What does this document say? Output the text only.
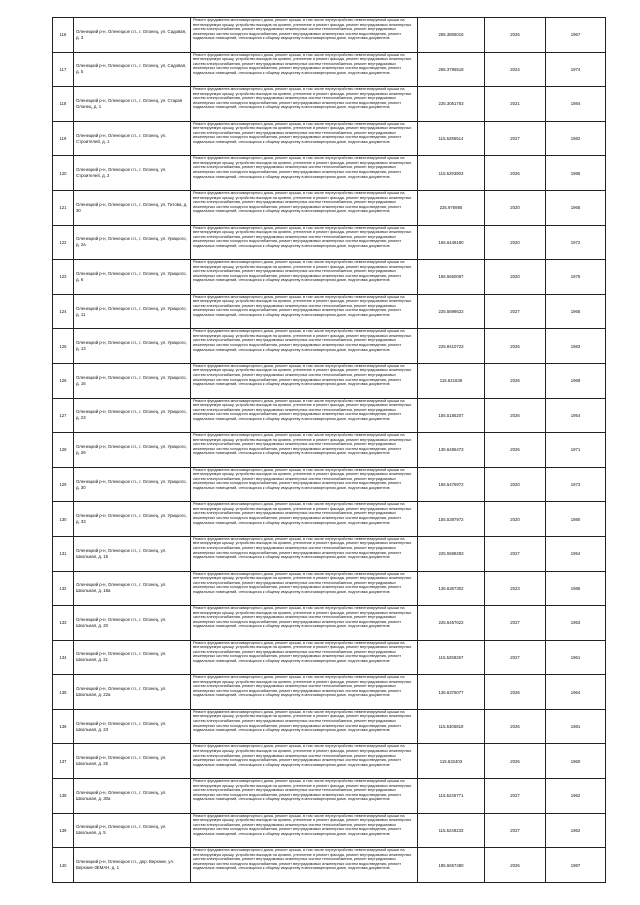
116	Оленецкий р-н, Оленецкое г.п., г. Олонец, ул. Садовая, д. 3	Ремонт фундамента многоквартирного дома, ремонт крыши, в том числе переустройство невентилируемой крыши на вентилируемую крышу, устройство выходов на кровлю, утепление и ремонт фасада, ремонт внутридомовых инженерных систем электроснабжения, ремонт внутридомовых инженерных систем теплоснабжения, ремонт внутридомовых инженерных систем холодного водоснабжения, ремонт внутридомовых инженерных систем водоотведения, ремонт подвальных помещений, относящихся к общему имуществу в многоквартирном доме, подготовка документов	265.3806016	2026	1967
117	Оленецкий р-н, Оленецкое г.п., г. Олонец, ул. Садовая, д. 5	Ремонт фундамента многоквартирного дома, ремонт крыши, в том числе переустройство невентилируемой крыши на вентилируемую крышу, устройство выходов на кровлю, утепление и ремонт фасада, ремонт внутридомовых инженерных систем электроснабжения, ремонт внутридомовых инженерных систем теплоснабжения, ремонт внутридомовых инженерных систем холодного водоснабжения, ремонт внутридомовых инженерных систем водоотведения, ремонт подвальных помещений, относящихся к общему имуществу в многоквартирном доме, подготовка документов	265.3796518	2024	1974
118	Оленецкий р-н, Оленецкое г.п., г. Олонец, ул. Старая Олонец, д. 1	Ремонт фундамента многоквартирного дома, ремонт крыши, в том числе переустройство невентилируемой крыши на вентилируемую крышу, устройство выходов на кровлю, утепление и ремонт фасада, ремонт внутридомовых инженерных систем электроснабжения, ремонт внутридомовых инженерных систем теплоснабжения, ремонт внутридомовых инженерных систем холодного водоснабжения, ремонт внутридомовых инженерных систем водоотведения, ремонт подвальных помещений, относящихся к общему имуществу в многоквартирном доме, подготовка документов	225.3051763	2021	1984
119	Оленецкий р-н, Оленецкое г.п., г. Олонец, ул. Строителей, д. 1	Ремонт фундамента многоквартирного дома, ремонт крыши, в том числе переустройство невентилируемой крыши на вентилируемую крышу, устройство выходов на кровлю, утепление и ремонт фасада, ремонт внутридомовых инженерных систем электроснабжения, ремонт внутридомовых инженерных систем теплоснабжения, ремонт внутридомовых инженерных систем холодного водоснабжения, ремонт внутридомовых инженерных систем водоотведения, ремонт подвальных помещений, относящихся к общему имуществу в многоквартирном доме, подготовка документов	115.5286514	2027	1982
120	Оленецкий р-н, Оленецкое г.п., г. Олонец, ул. Строителей, д. 2	Ремонт фундамента многоквартирного дома, ремонт крыши, в том числе переустройство невентилируемой крыши на вентилируемую крышу, устройство выходов на кровлю, утепление и ремонт фасада, ремонт внутридомовых инженерных систем электроснабжения, ремонт внутридомовых инженерных систем теплоснабжения, ремонт внутридомовых инженерных систем холодного водоснабжения, ремонт внутридомовых инженерных систем водоотведения, ремонт подвальных помещений, относящихся к общему имуществу в многоквартирном доме, подготовка документов	115.5293903	2026	1985
121	Оленецкий р-н, Оленецкое г.п., г. Олонец, ул. Титова, д. 30	Ремонт фундамента многоквартирного дома, ремонт крыши, в том числе переустройство невентилируемой крыши на вентилируемую крышу, устройство выходов на кровлю, утепление и ремонт фасада, ремонт внутридомовых инженерных систем электроснабжения, ремонт внутридомовых инженерных систем теплоснабжения, ремонт внутридомовых инженерных систем холодного водоснабжения, ремонт внутридомовых инженерных систем водоотведения, ремонт подвальных помещений, относящихся к общему имуществу в многоквартирном доме, подготовка документов	225.976985	2020	1965
122	Оленецкий р-н, Оленецкое г.п., г. Олонец, ул. Урицкого, д. 2а	Ремонт фундамента многоквартирного дома, ремонт крыши, в том числе переустройство невентилируемой крыши на вентилируемую крышу, устройство выходов на кровлю, утепление и ремонт фасада, ремонт внутридомовых инженерных систем электроснабжения, ремонт внутридомовых инженерных систем теплоснабжения, ремонт внутридомовых инженерных систем холодного водоснабжения, ремонт внутридомовых инженерных систем водоотведения, ремонт подвальных помещений, относящихся к общему имуществу в многоквартирном доме, подготовка документов	155.6448180	2020	1972
123	Оленецкий р-н, Оленецкое г.п., г. Олонец, ул. Урицкого, д. 6	Ремонт фундамента многоквартирного дома, ремонт крыши, в том числе переустройство невентилируемой крыши на вентилируемую крышу, устройство выходов на кровлю, утепление и ремонт фасада, ремонт внутридомовых инженерных систем электроснабжения, ремонт внутридомовых инженерных систем теплоснабжения, ремонт внутридомовых инженерных систем холодного водоснабжения, ремонт внутридомовых инженерных систем водоотведения, ремонт подвальных помещений, относящихся к общему имуществу в многоквартирном доме, подготовка документов	155.5650087	2020	1975
124	Оленецкий р-н, Оленецкое г.п., г. Олонец, ул. Урицкого, д. 11	Ремонт фундамента многоквартирного дома, ремонт крыши, в том числе переустройство невентилируемой крыши на вентилируемую крышу, устройство выходов на кровлю, утепление и ремонт фасада, ремонт внутридомовых инженерных систем электроснабжения, ремонт внутридомовых инженерных систем теплоснабжения, ремонт внутридомовых инженерных систем холодного водоснабжения, ремонт внутридомовых инженерных систем водоотведения, ремонт подвальных помещений, относящихся к общему имуществу в многоквартирном доме, подготовка документов	225.5698622	2027	1965
125	Оленецкий р-н, Оленецкое г.п., г. Олонец, ул. Урицкого, д. 13	Ремонт фундамента многоквартирного дома, ремонт крыши, в том числе переустройство невентилируемой крыши на вентилируемую крышу, устройство выходов на кровлю, утепление и ремонт фасада, ремонт внутридомовых инженерных систем электроснабжения, ремонт внутридомовых инженерных систем теплоснабжения, ремонт внутридомовых инженерных систем холодного водоснабжения, ремонт внутридомовых инженерных систем водоотведения, ремонт подвальных помещений, относящихся к общему имуществу в многоквартирном доме, подготовка документов	225.9410723	2026	1983
126	Оленецкий р-н, Оленецкое г.п., г. Олонец, ул. Урицкого, д. 16	Ремонт фундамента многоквартирного дома, ремонт крыши, в том числе переустройство невентилируемой крыши на вентилируемую крышу, устройство выходов на кровлю, утепление и ремонт фасада, ремонт внутридомовых инженерных систем электроснабжения, ремонт внутридомовых инженерных систем теплоснабжения, ремонт внутридомовых инженерных систем холодного водоснабжения, ремонт внутридомовых инженерных систем водоотведения, ремонт подвальных помещений, относящихся к общему имуществу в многоквартирном доме, подготовка документов	115.621638	2026	1968
127	Оленецкий р-н, Оленецкое г.п., г. Олонец, ул. Урицкого, д. 23	Ремонт фундамента многоквартирного дома, ремонт крыши, в том числе переустройство невентилируемой крыши на вентилируемую крышу, устройство выходов на кровлю, утепление и ремонт фасада, ремонт внутридомовых инженерных систем электроснабжения, ремонт внутридомовых инженерных систем теплоснабжения, ремонт внутридомовых инженерных систем холодного водоснабжения, ремонт внутридомовых инженерных систем водоотведения, ремонт подвальных помещений, относящихся к общему имуществу в многоквартирном доме, подготовка документов	155.5185207	2026	1954
128	Оленецкий р-н, Оленецкое г.п., г. Олонец, ул. Урицкого, д. 26	Ремонт фундамента многоквартирного дома, ремонт крыши, в том числе переустройство невентилируемой крыши на вентилируемую крышу, устройство выходов на кровлю, утепление и ремонт фасада, ремонт внутридомовых инженерных систем электроснабжения, ремонт внутридомовых инженерных систем теплоснабжения, ремонт внутридомовых инженерных систем холодного водоснабжения, ремонт внутридомовых инженерных систем водоотведения, ремонт подвальных помещений, относящихся к общему имуществу в многоквартирном доме, подготовка документов	136.6486473	2026	1971
129	Оленецкий р-н, Оленецкое г.п., г. Олонец, ул. Урицкого, д. 30	Ремонт фундамента многоквартирного дома, ремонт крыши, в том числе переустройство невентилируемой крыши на вентилируемую крышу, устройство выходов на кровлю, утепление и ремонт фасада, ремонт внутридомовых инженерных систем электроснабжения, ремонт внутридомовых инженерных систем теплоснабжения, ремонт внутридомовых инженерных систем холодного водоснабжения, ремонт внутридомовых инженерных систем водоотведения, ремонт подвальных помещений, относящихся к общему имуществу в многоквартирном доме, подготовка документов	155.5476972	2020	1973
130	Оленецкий р-н, Оленецкое г.п., г. Олонец, ул. Урицкого, д. 33	Ремонт фундамента многоквартирного дома, ремонт крыши, в том числе переустройство невентилируемой крыши на вентилируемую крышу, устройство выходов на кровлю, утепление и ремонт фасада, ремонт внутридомовых инженерных систем электроснабжения, ремонт внутридомовых инженерных систем теплоснабжения, ремонт внутридомовых инженерных систем холодного водоснабжения, ремонт внутридомовых инженерных систем водоотведения, ремонт подвальных помещений, относящихся к общему имуществу в многоквартирном доме, подготовка документов	155.5387972	2020	1980
131	Оленецкий р-н, Оленецкое г.п., г. Олонец, ул. Школьная, д. 15	Ремонт фундамента многоквартирного дома, ремонт крыши, в том числе переустройство невентилируемой крыши на вентилируемую крышу, устройство выходов на кровлю, утепление и ремонт фасада, ремонт внутридомовых инженерных систем электроснабжения, ремонт внутридомовых инженерных систем теплоснабжения, ремонт внутридомовых инженерных систем холодного водоснабжения, ремонт внутридомовых инженерных систем водоотведения, ремонт подвальных помещений, относящихся к общему имуществу в многоквартирном доме, подготовка документов	225.5598283	2027	1954
132	Оленецкий р-н, Оленецкое г.п., г. Олонец, ул. Школьная, д. 18а	Ремонт фундамента многоквартирного дома, ремонт крыши, в том числе переустройство невентилируемой крыши на вентилируемую крышу, устройство выходов на кровлю, утепление и ремонт фасада, ремонт внутридомовых инженерных систем электроснабжения, ремонт внутридомовых инженерных систем теплоснабжения, ремонт внутридомовых инженерных систем холодного водоснабжения, ремонт внутридомовых инженерных систем водоотведения, ремонт подвальных помещений, относящихся к общему имуществу в многоквартирном доме, подготовка документов	136.6367302	2023	1985
133	Оленецкий р-н, Оленецкое г.п., г. Олонец, ул. Школьная, д. 20	Ремонт фундамента многоквартирного дома, ремонт крыши, в том числе переустройство невентилируемой крыши на вентилируемую крышу, устройство выходов на кровлю, утепление и ремонт фасада, ремонт внутридомовых инженерных систем электроснабжения, ремонт внутридомовых инженерных систем теплоснабжения, ремонт внутридомовых инженерных систем холодного водоснабжения, ремонт внутридомовых инженерных систем водоотведения, ремонт подвальных помещений, относящихся к общему имуществу в многоквартирном доме, подготовка документов	225.5457622	2027	1953
134	Оленецкий р-н, Оленецкое г.п., г. Олонец, ул. Школьная, д. 21	Ремонт фундамента многоквартирного дома, ремонт крыши, в том числе переустройство невентилируемой крыши на вентилируемую крышу, устройство выходов на кровлю, утепление и ремонт фасада, ремонт внутридомовых инженерных систем электроснабжения, ремонт внутридомовых инженерных систем теплоснабжения, ремонт внутридомовых инженерных систем холодного водоснабжения, ремонт внутридомовых инженерных систем водоотведения, ремонт подвальных помещений, относящихся к общему имуществу в многоквартирном доме, подготовка документов	115.5258267	2027	1961
135	Оленецкий р-н, Оленецкое г.п., г. Олонец, ул. Школьная, д. 22а	Ремонт фундамента многоквартирного дома, ремонт крыши, в том числе переустройство невентилируемой крыши на вентилируемую крышу, устройство выходов на кровлю, утепление и ремонт фасада, ремонт внутридомовых инженерных систем электроснабжения, ремонт внутридомовых инженерных систем теплоснабжения, ремонт внутридомовых инженерных систем холодного водоснабжения, ремонт внутридомовых инженерных систем водоотведения, ремонт подвальных помещений, относящихся к общему имуществу в многоквартирном доме, подготовка документов	136.6376077	2026	1964
136	Оленецкий р-н, Оленецкое г.п., г. Олонец, ул. Школьная, д. 23	Ремонт фундамента многоквартирного дома, ремонт крыши, в том числе переустройство невентилируемой крыши на вентилируемую крышу, устройство выходов на кровлю, утепление и ремонт фасада, ремонт внутридомовых инженерных систем электроснабжения, ремонт внутридомовых инженерных систем теплоснабжения, ремонт внутридомовых инженерных систем холодного водоснабжения, ремонт внутридомовых инженерных систем водоотведения, ремонт подвальных помещений, относящихся к общему имуществу в многоквартирном доме, подготовка документов	115.5305818	2026	1981
137	Оленецкий р-н, Оленецкое г.п., г. Олонец, ул. Школьная, д. 25	Ремонт фундамента многоквартирного дома, ремонт крыши, в том числе переустройство невентилируемой крыши на вентилируемую крышу, устройство выходов на кровлю, утепление и ремонт фасада, ремонт внутридомовых инженерных систем электроснабжения, ремонт внутридомовых инженерных систем теплоснабжения, ремонт внутридомовых инженерных систем холодного водоснабжения, ремонт внутридомовых инженерных систем водоотведения, ремонт подвальных помещений, относящихся к общему имуществу в многоквартирном доме, подготовка документов	115.532403	2026	1960
138	Оленецкий р-н, Оленецкое г.п., г. Олонец, ул. Школьная, д. 30а	Ремонт фундамента многоквартирного дома, ремонт крыши, в том числе переустройство невентилируемой крыши на вентилируемую крышу, устройство выходов на кровлю, утепление и ремонт фасада, ремонт внутридомовых инженерных систем электроснабжения, ремонт внутридомовых инженерных систем теплоснабжения, ремонт внутридомовых инженерных систем холодного водоснабжения, ремонт внутридомовых инженерных систем водоотведения, ремонт подвальных помещений, относящихся к общему имуществу в многоквартирном доме, подготовка документов	115.5245771	2027	1962
139	Оленецкий р-н, Оленецкое г.п., г. Олонец, ул. Школьная, д. 5	Ремонт фундамента многоквартирного дома, ремонт крыши, в том числе переустройство невентилируемой крыши на вентилируемую крышу, устройство выходов на кровлю, утепление и ремонт фасада, ремонт внутридомовых инженерных систем электроснабжения, ремонт внутридомовых инженерных систем теплоснабжения, ремонт внутридомовых инженерных систем холодного водоснабжения, ремонт внутридомовых инженерных систем водоотведения, ремонт подвальных помещений, относящихся к общему имуществу в многоквартирном доме, подготовка документов	115.5248233	2027	1962
140	Оленецкий р-н, Оленецкое г.п., дер. Верхние, ул. Верхние-ЗЕМАН, д. 1	Ремонт фундамента многоквартирного дома, ремонт крыши, в том числе переустройство невентилируемой крыши на вентилируемую крышу, устройство выходов на кровлю, утепление и ремонт фасада, ремонт внутридомовых инженерных систем электроснабжения, ремонт внутридомовых инженерных систем теплоснабжения, ремонт внутридомовых инженерных систем холодного водоснабжения, ремонт внутридомовых инженерных систем водоотведения, ремонт подвальных помещений, относящихся к общему имуществу в многоквартирном доме, подготовка документов	185.5657480	2026	1987
